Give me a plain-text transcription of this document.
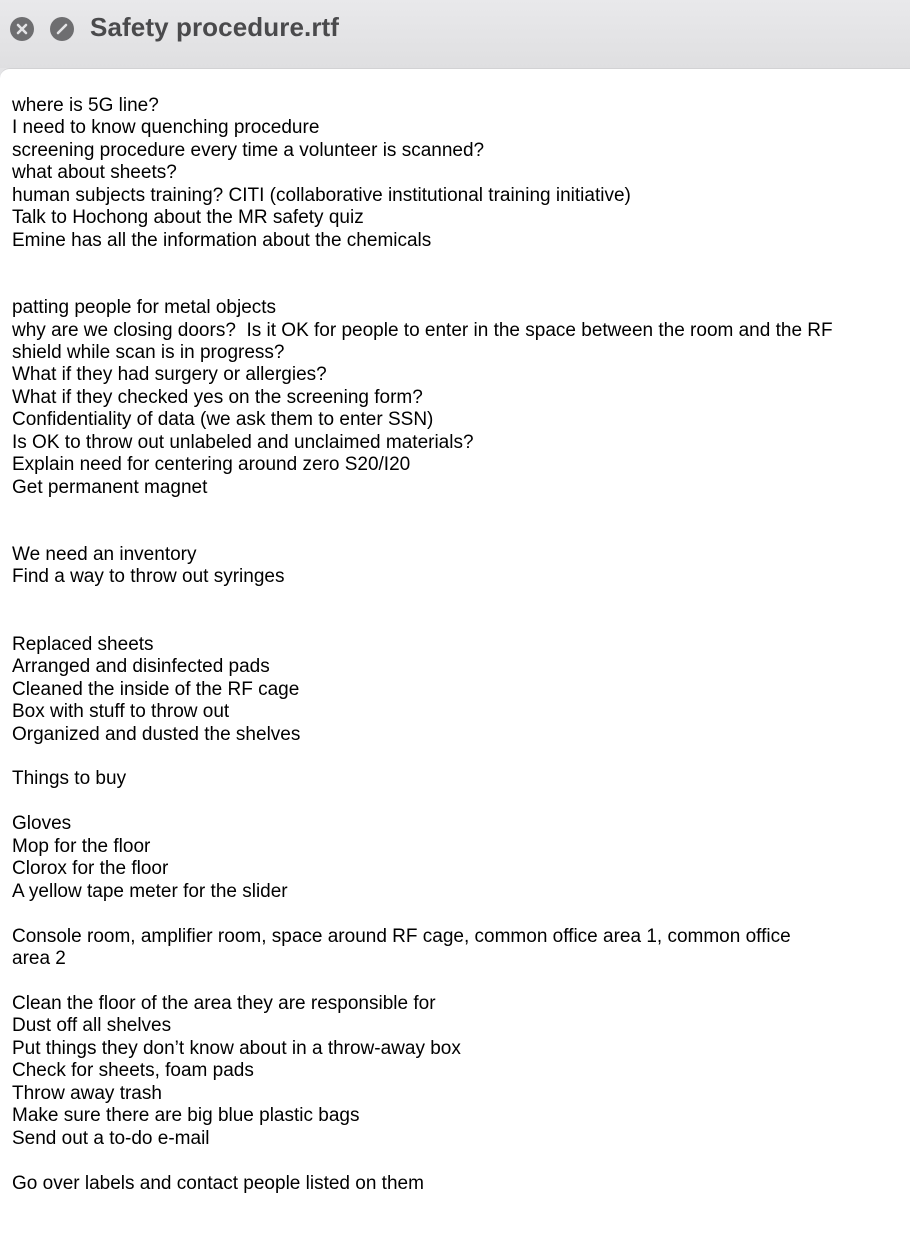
Safety procedure.rtf
where is 5G line?
I need to know quenching procedure
screening procedure every time a volunteer is scanned?
what about sheets?
human subjects training? CITI (collaborative institutional training initiative)
Talk to Hochong about the MR safety quiz
Emine has all the information about the chemicals
patting people for metal objects
why are we closing doors?  Is it OK for people to enter in the space between the room and the RF
shield while scan is in progress?
What if they had surgery or allergies?
What if they checked yes on the screening form?
Confidentiality of data (we ask them to enter SSN)
Is OK to throw out unlabeled and unclaimed materials?
Explain need for centering around zero S20/I20
Get permanent magnet
We need an inventory
Find a way to throw out syringes
Replaced sheets
Arranged and disinfected pads
Cleaned the inside of the RF cage
Box with stuff to throw out
Organized and dusted the shelves
Things to buy
Gloves
Mop for the floor
Clorox for the floor
A yellow tape meter for the slider
Console room, amplifier room, space around RF cage, common office area 1, common office
area 2
Clean the floor of the area they are responsible for
Dust off all shelves
Put things they don’t know about in a throw-away box
Check for sheets, foam pads
Throw away trash
Make sure there are big blue plastic bags
Send out a to-do e-mail
Go over labels and contact people listed on them
